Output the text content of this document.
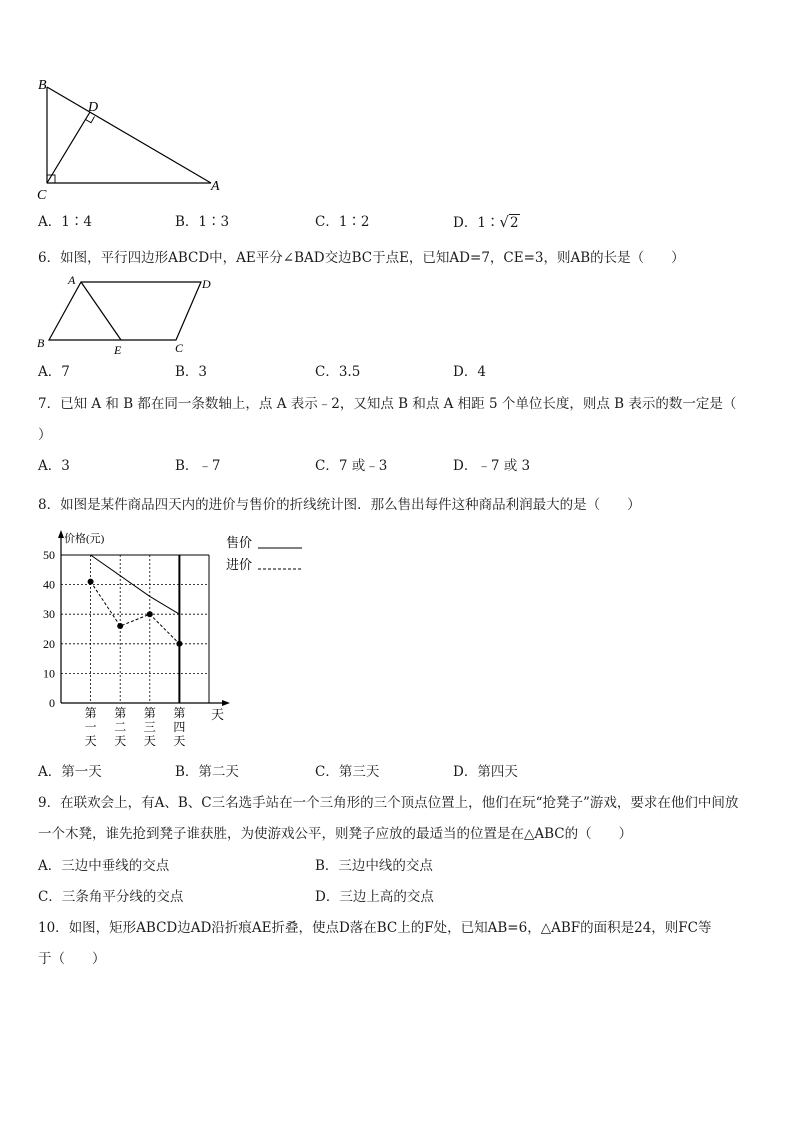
B
D
C
A
A．1∶4	B．1∶3	C．1∶2	D．1∶√2
6．如图，平行四边形ABCD中，AE平分∠BAD交边BC于点E，已知AD=7，CE=3，则AB的长是（　　）
A	D
B	E	C
A．7	B．3	C．3.5	D．4
7．已知 A 和 B 都在同一条数轴上，点 A 表示﹣2，又知点 B 和点 A 相距 5 个单位长度，则点 B 表示的数一定是（
）
A．3	B．﹣7	C．7 或﹣3	D．﹣7 或 3
8．如图是某件商品四天内的进价与售价的折线统计图．那么售出每件这种商品利润最大的是（　　）
0
10
20
30
40
50
价格(元)
天
第一天
第二天
第三天
第四天
售价
进价
A．第一天	B．第二天	C．第三天	D．第四天
9．在联欢会上，有A、B、C三名选手站在一个三角形的三个顶点位置上，他们在玩“抢凳子”游戏，要求在他们中间放
一个木凳，谁先抢到凳子谁获胜，为使游戏公平，则凳子应放的最适当的位置是在△ABC的（　　）
A．三边中垂线的交点	B．三边中线的交点
C．三条角平分线的交点	D．三边上高的交点
10．如图，矩形ABCD边AD沿折痕AE折叠，使点D落在BC上的F处，已知AB=6，△ABF的面积是24，则FC等
于（　　）
